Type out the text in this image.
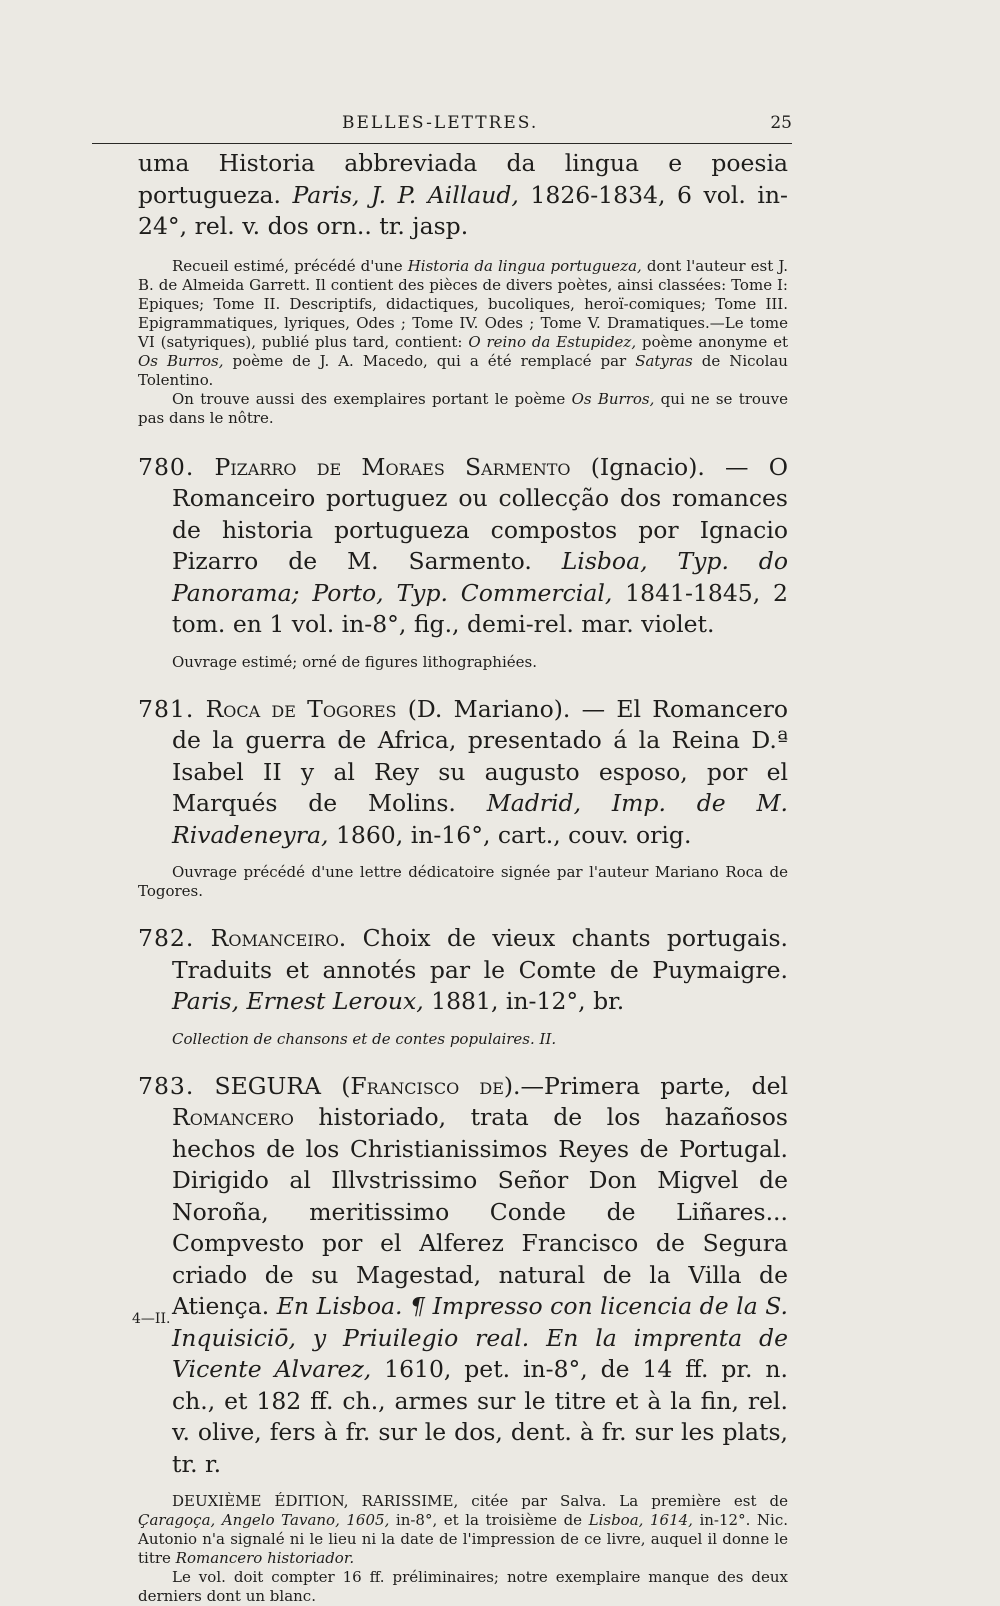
BELLES-LETTRES.	25

uma Historia abbreviada da lingua e poesia portugueza. Paris, J. P. Aillaud, 1826-1834, 6 vol. in-24°, rel. v. dos orn.. tr. jasp.

Recueil estimé, précédé d'une Historia da lingua portugueza, dont l'auteur est J. B. de Almeida Garrett. Il contient des pièces de divers poètes, ainsi classées: Tome I: Epiques; Tome II. Descriptifs, didactiques, bucoliques, heroï-comiques; Tome III. Epigrammatiques, lyriques, Odes ; Tome IV. Odes ; Tome V. Dramatiques.—Le tome VI (satyriques), publié plus tard, contient: O reino da Estupidez, poème anonyme et Os Burros, poème de J. A. Macedo, qui a été remplacé par Satyras de Nicolau Tolentino.

On trouve aussi des exemplaires portant le poème Os Burros, qui ne se trouve pas dans le nôtre.

780. Pizarro de Moraes Sarmento (Ignacio). — O Romanceiro portuguez ou collecção dos romances de historia portugueza compostos por Ignacio Pizarro de M. Sarmento. Lisboa, Typ. do Panorama; Porto, Typ. Commercial, 1841-1845, 2 tom. en 1 vol. in-8°, fig., demi-rel. mar. violet.

Ouvrage estimé; orné de figures lithographiées.

781. Roca de Togores (D. Mariano). — El Romancero de la guerra de Africa, presentado á la Reina D.ª Isabel II y al Rey su augusto esposo, por el Marqués de Molins. Madrid, Imp. de M. Rivadeneyra, 1860, in-16°, cart., couv. orig.

Ouvrage précédé d'une lettre dédicatoire signée par l'auteur Mariano Roca de Togores.

782. Romanceiro. Choix de vieux chants portugais. Traduits et annotés par le Comte de Puymaigre. Paris, Ernest Leroux, 1881, in-12°, br.

Collection de chansons et de contes populaires. II.

783. SEGURA (Francisco de).—Primera parte, del Romancero historiado, trata de los hazañosos hechos de los Christianissimos Reyes de Portugal. Dirigido al Illvstrissimo Señor Don Migvel de Noroña, meritissimo Conde de Liñares... Compvesto por el Alferez Francisco de Segura criado de su Magestad, natural de la Villa de Atiença. En Lisboa. ¶ Impresso con licencia de la S. Inquisiciō, y Priuilegio real. En la imprenta de Vicente Alvarez, 1610, pet. in-8°, de 14 ff. pr. n. ch., et 182 ff. ch., armes sur le titre et à la fin, rel. v. olive, fers à fr. sur le dos, dent. à fr. sur les plats, tr. r.

DEUXIÈME ÉDITION, RARISSIME, citée par Salva. La première est de Çaragoça, Angelo Tavano, 1605, in-8°, et la troisième de Lisboa, 1614, in-12°. Nic. Autonio n'a signalé ni le lieu ni la date de l'impression de ce livre, auquel il donne le titre Romancero historiador.

Le vol. doit compter 16 ff. préliminaires; notre exemplaire manque des deux derniers dont un blanc.

4—II.
